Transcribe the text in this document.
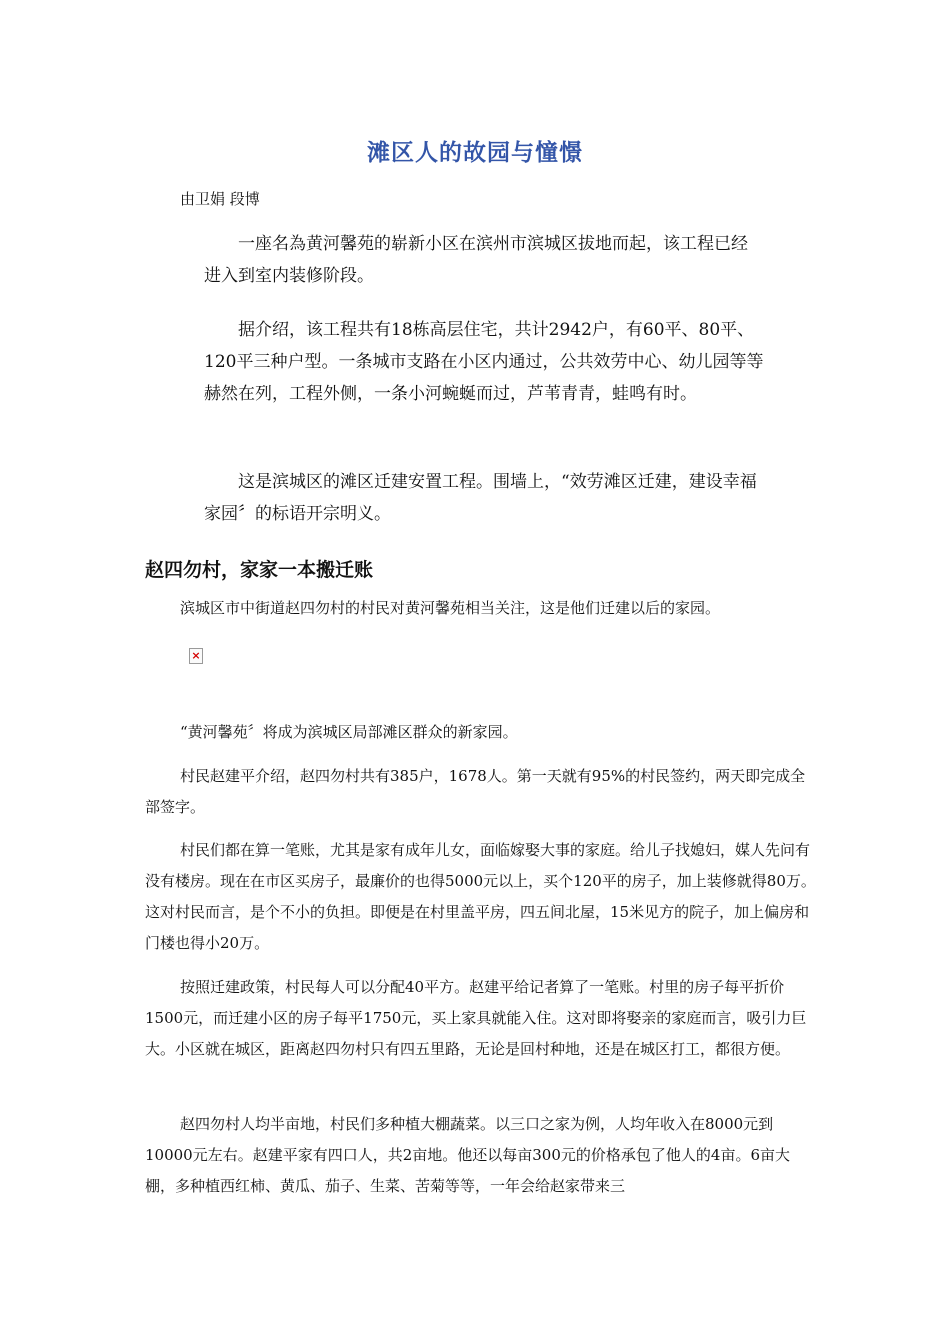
滩区人的故园与憧憬
由卫娟 段博

一座名為黄河馨苑的崭新小区在滨州市滨城区拔地而起，该工程已经进入到室内装修阶段。

据介绍，该工程共有18栋高层住宅，共计2942户，有60平、80平、120平三种户型。一条城市支路在小区内通过，公共效劳中心、幼儿园等等赫然在列，工程外侧，一条小河蜿蜒而过，芦苇青青，蛙鸣有时。

这是滨城区的滩区迁建安置工程。围墙上，“效劳滩区迁建，建设幸福家园〞的标语开宗明义。

赵四勿村，家家一本搬迁账

滨城区市中街道赵四勿村的村民对黄河馨苑相当关注，这是他们迁建以后的家园。

×

“黄河馨苑〞将成为滨城区局部滩区群众的新家园。

村民赵建平介绍，赵四勿村共有385户，1678人。第一天就有95%的村民签约，两天即完成全部签字。

村民们都在算一笔账，尤其是家有成年儿女，面临嫁娶大事的家庭。给儿子找媳妇，媒人先问有没有楼房。现在在市区买房子，最廉价的也得5000元以上，买个120平的房子，加上装修就得80万。这对村民而言，是个不小的负担。即便是在村里盖平房，四五间北屋，15米见方的院子，加上偏房和门楼也得小20万。

按照迁建政策，村民每人可以分配40平方。赵建平给记者算了一笔账。村里的房子每平折价1500元，而迁建小区的房子每平1750元，买上家具就能入住。这对即将娶亲的家庭而言，吸引力巨大。小区就在城区，距离赵四勿村只有四五里路，无论是回村种地，还是在城区打工，都很方便。

赵四勿村人均半亩地，村民们多种植大棚蔬菜。以三口之家为例，人均年收入在8000元到10000元左右。赵建平家有四口人，共2亩地。他还以每亩300元的价格承包了他人的4亩。6亩大棚，多种植西红柿、黄瓜、茄子、生菜、苦菊等等，一年会给赵家带来三
